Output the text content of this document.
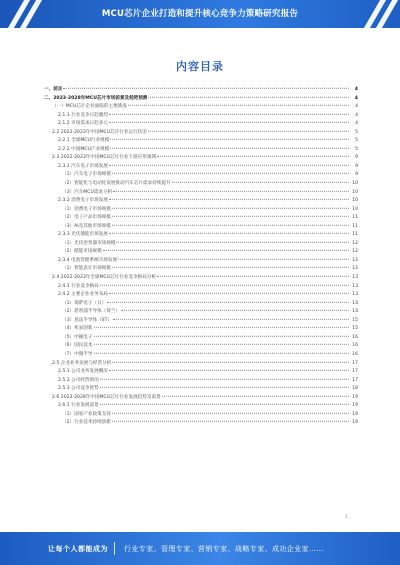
MCU芯片企业打造和提升核心竞争力策略研究报告
内容目录
一、前言	4
二、2023-2028年MCU芯片市场前景及趋势预测	4
（一）MCU芯片企业面临的主要挑战	4
2.1.1 行业竞争日趋激烈	4
2.1.2 市场需求日趋多元	4
2.2 2022-2023年中国MCU芯片行业运行状况	5
2.2.1 全球MCU行业规模	5
2.2.2 中国MCU产业规模	5
2.3 2022-2023年中国MCU芯片行业下游应用领域	9
2.3.1 汽车电子市场发展	9
（1）汽车电子市场规模	9
（2）智能化与电动化发展推动汽车芯片需求持续提升	10
（3）汽车MCU需求分析	10
2.3.2 消费电子市场发展	10
（1）消费电子市场规模	10
（2）电子产品市场规模	11
（3）AI及其他市场规模	11
2.3.3 光伏储能市场发展	11
（1）光伏逆变器市场规模	12
（2）储能市场规模	12
2.3.4 电池管理系统市场发展	12
（1）智能表计市场规模	12
2.4 2022-2023年全球MCU芯片行业竞争格局分析	13
2.4.1 行业竞争格局	13
2.4.2 主要企业业务布局	13
（1）瑞萨电子（日）	14
（2）恩智浦半导体（荷兰）	14
（3）意法半导体（ST）	15
（4）兆易创新	15
（5）中颖电子	16
（6）国民技术	16
（7）中微半导	16
2.5 企业业务发展与经营分析	17
2.5.1 公司业务发展概况	17
2.5.2 公司经营情况	17
2.5.3 公司竞争优势	18
2.6 2023-2028年中国MCU芯片行业发展趋势及前景	19
2.6.1 行业发展前景	19
（1）国家产业政策支持	19
（2）行业技术持续创新	19
1
让每个人都能成为 行业专家、管理专家、营销专家、战略专家、成功企业家……
